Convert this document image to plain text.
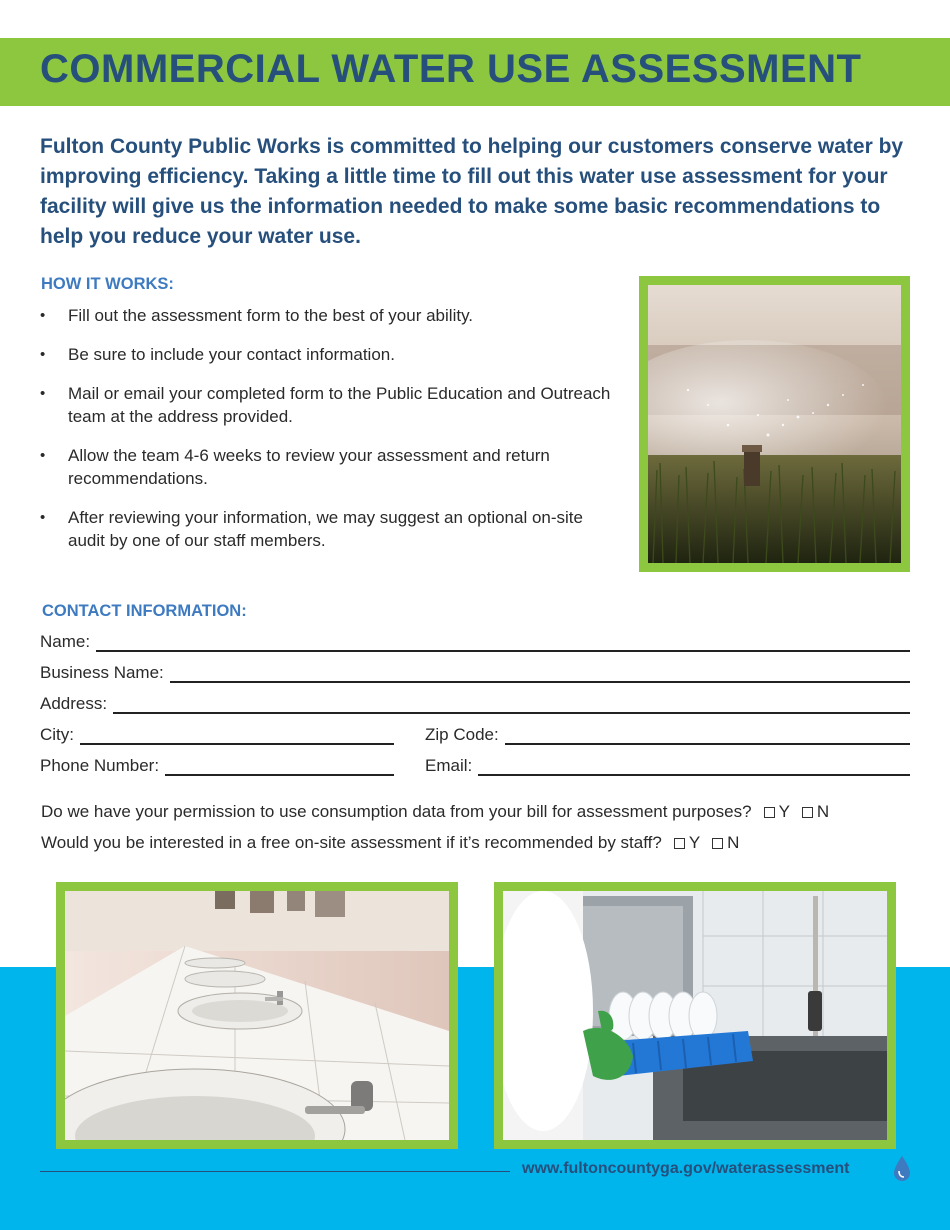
COMMERCIAL WATER USE ASSESSMENT

Fulton County Public Works is committed to helping our customers conserve water by improving efficiency. Taking a little time to fill out this water use assessment for your facility will give us the information needed to make some basic recommendations to help you reduce your water use.

HOW IT WORKS:
• Fill out the assessment form to the best of your ability.
• Be sure to include your contact information.
• Mail or email your completed form to the Public Education and Outreach team at the address provided.
• Allow the team 4-6 weeks to review your assessment and return recommendations.
• After reviewing your information, we may suggest an optional on-site audit by one of our staff members.
CONTACT INFORMATION:
Name:
Business Name:
Address:
City:	Zip Code:
Phone Number:	Email:
Do we have your permission to use consumption data from your bill for assessment purposes? Y N
Would you be interested in a free on-site assessment if it’s recommended by staff? Y N
www.fultoncountyga.gov/waterassessment
